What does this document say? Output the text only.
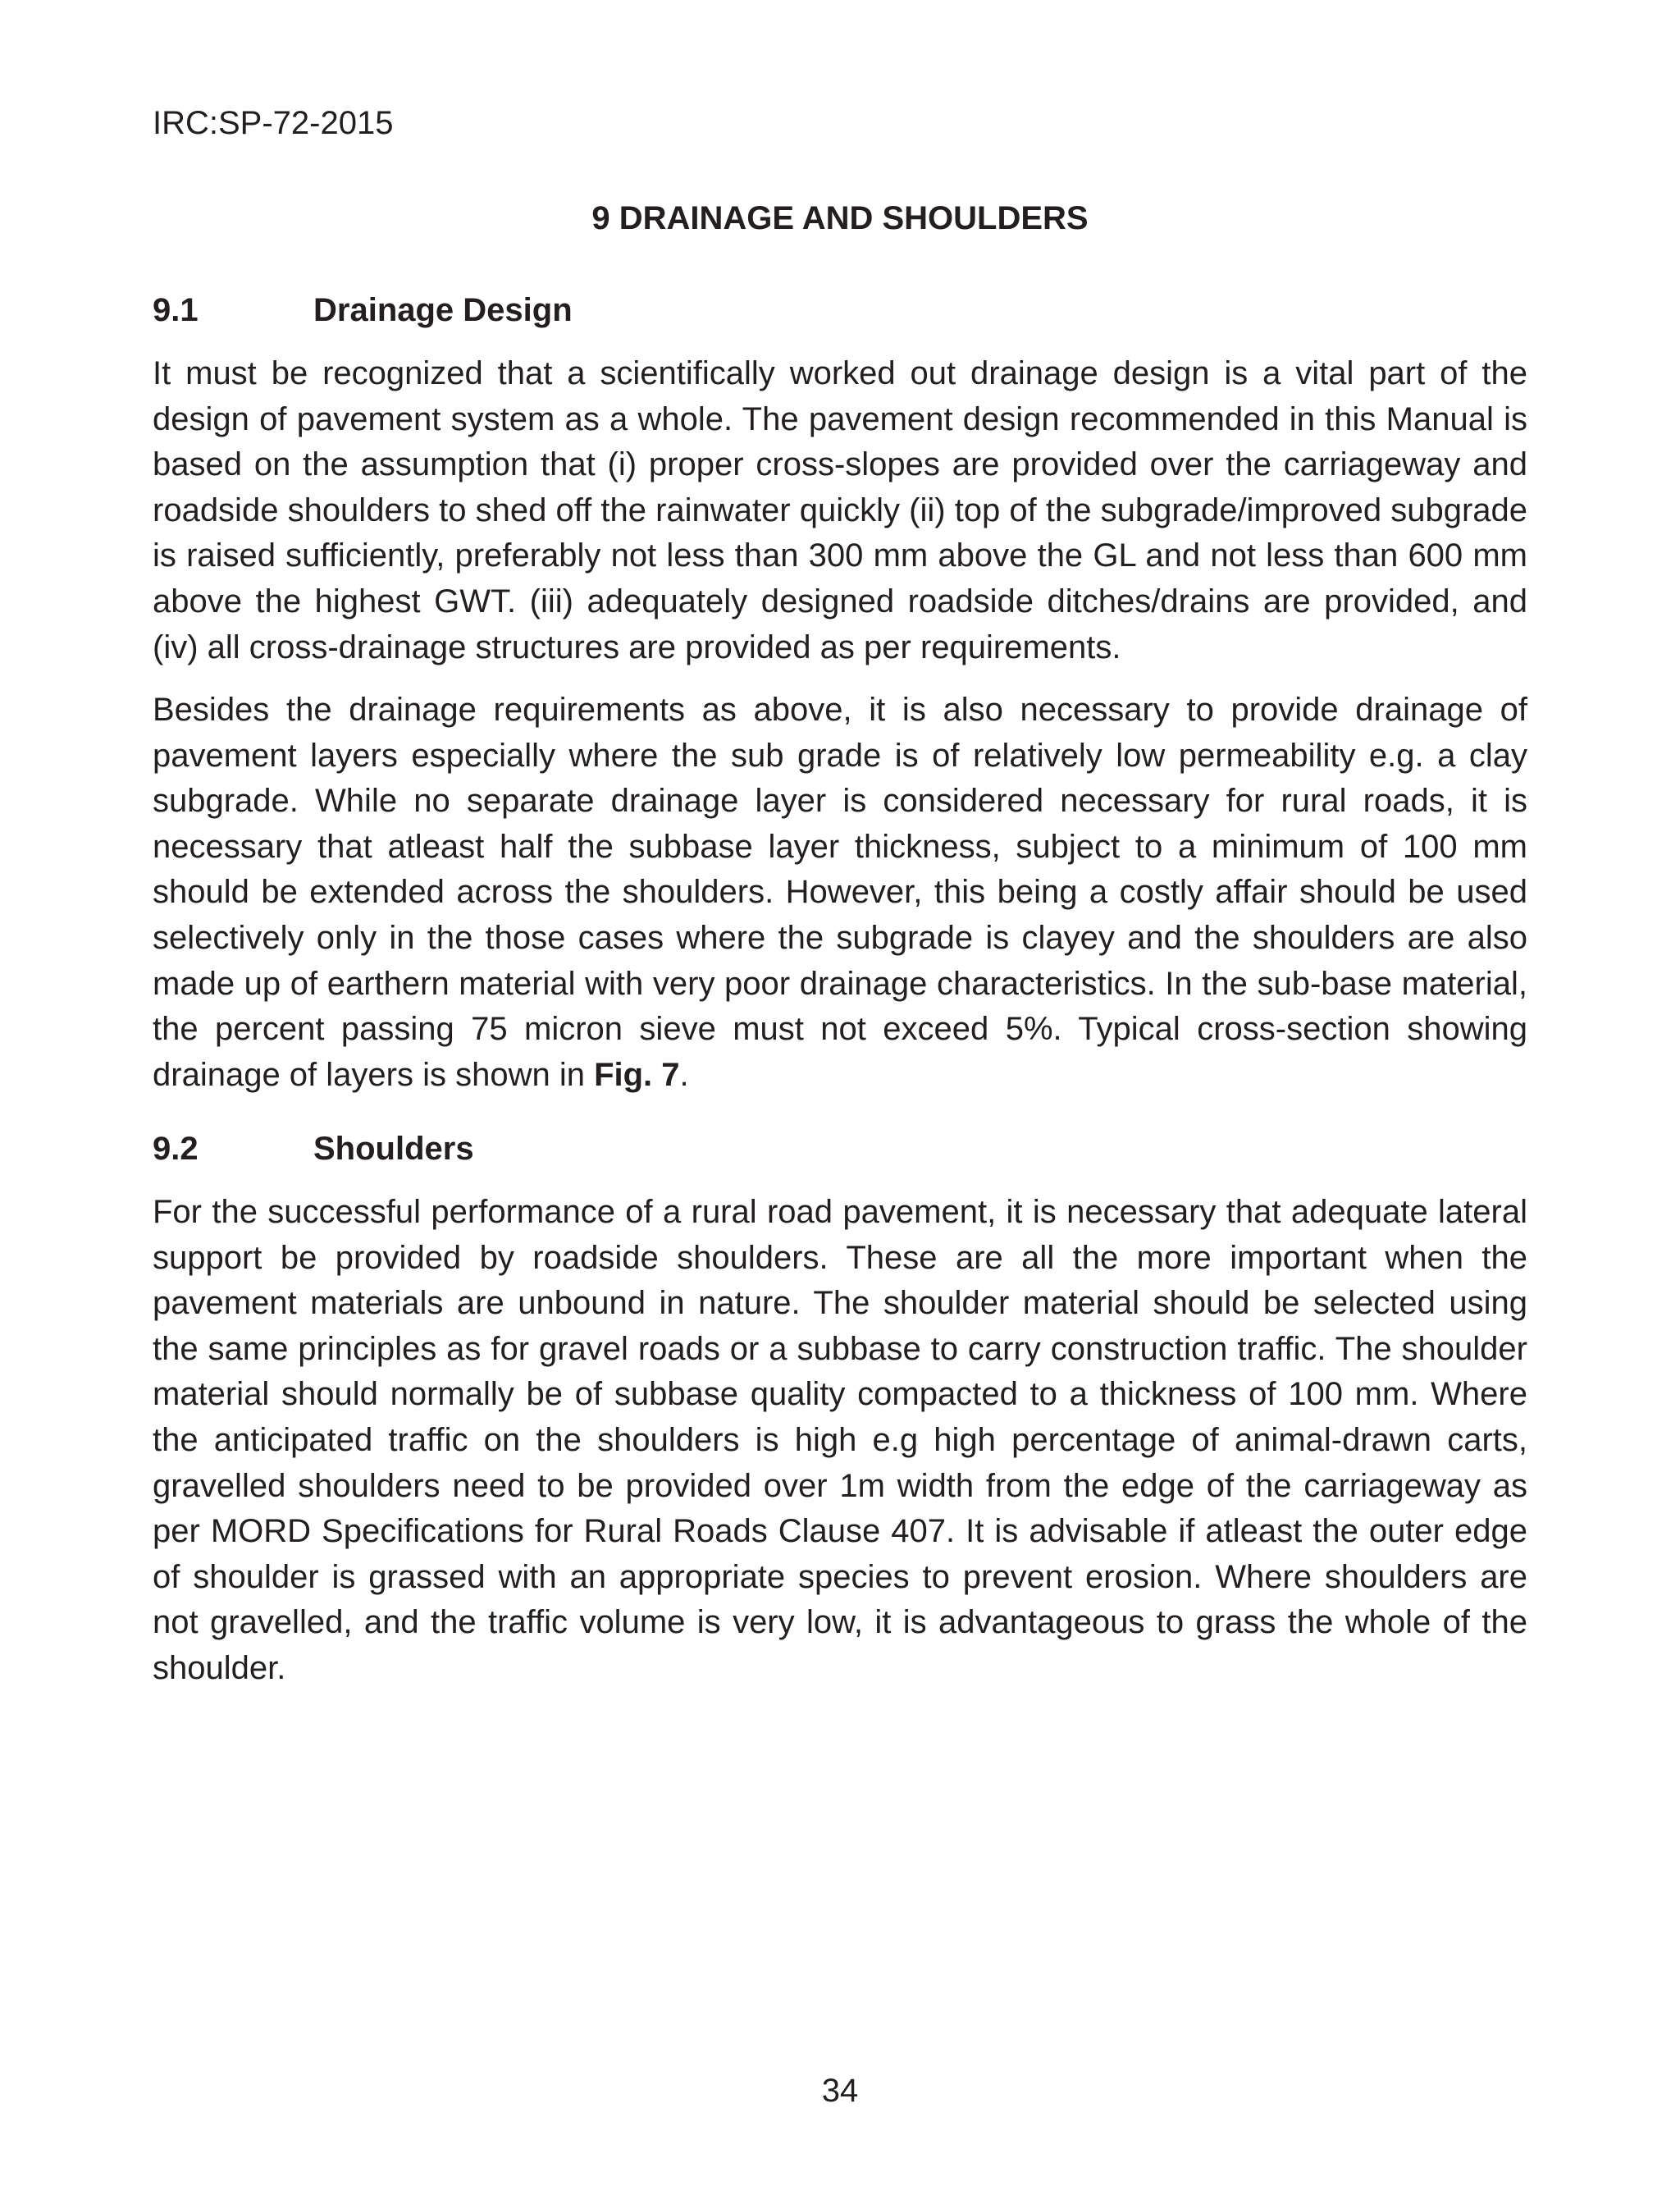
IRC:SP-72-2015
9 DRAINAGE AND SHOULDERS
9.1	Drainage Design

It must be recognized that a scientifically worked out drainage design is a vital part of the design of pavement system as a whole. The pavement design recommended in this Manual is based on the assumption that (i) proper cross-slopes are provided over the carriageway and roadside shoulders to shed off the rainwater quickly (ii) top of the subgrade/improved subgrade is raised sufficiently, preferably not less than 300 mm above the GL and not less than 600 mm above the highest GWT. (iii) adequately designed roadside ditches/drains are provided, and (iv) all cross-drainage structures are provided as per requirements.

Besides the drainage requirements as above, it is also necessary to provide drainage of pavement layers especially where the sub grade is of relatively low permeability e.g. a clay subgrade. While no separate drainage layer is considered necessary for rural roads, it is necessary that atleast half the subbase layer thickness, subject to a minimum of 100 mm should be extended across the shoulders. However, this being a costly affair should be used selectively only in the those cases where the subgrade is clayey and the shoulders are also made up of earthern material with very poor drainage characteristics. In the sub-base material, the percent passing 75 micron sieve must not exceed 5%. Typical cross-section showing drainage of layers is shown in Fig. 7.

9.2	Shoulders

For the successful performance of a rural road pavement, it is necessary that adequate lateral support be provided by roadside shoulders. These are all the more important when the pavement materials are unbound in nature. The shoulder material should be selected using the same principles as for gravel roads or a subbase to carry construction traffic. The shoulder material should normally be of subbase quality compacted to a thickness of 100 mm. Where the anticipated traffic on the shoulders is high e.g high percentage of animal-drawn carts, gravelled shoulders need to be provided over 1m width from the edge of the carriageway as per MORD Specifications for Rural Roads Clause 407. It is advisable if atleast the outer edge of shoulder is grassed with an appropriate species to prevent erosion. Where shoulders are not gravelled, and the traffic volume is very low, it is advantageous to grass the whole of the shoulder.

34
